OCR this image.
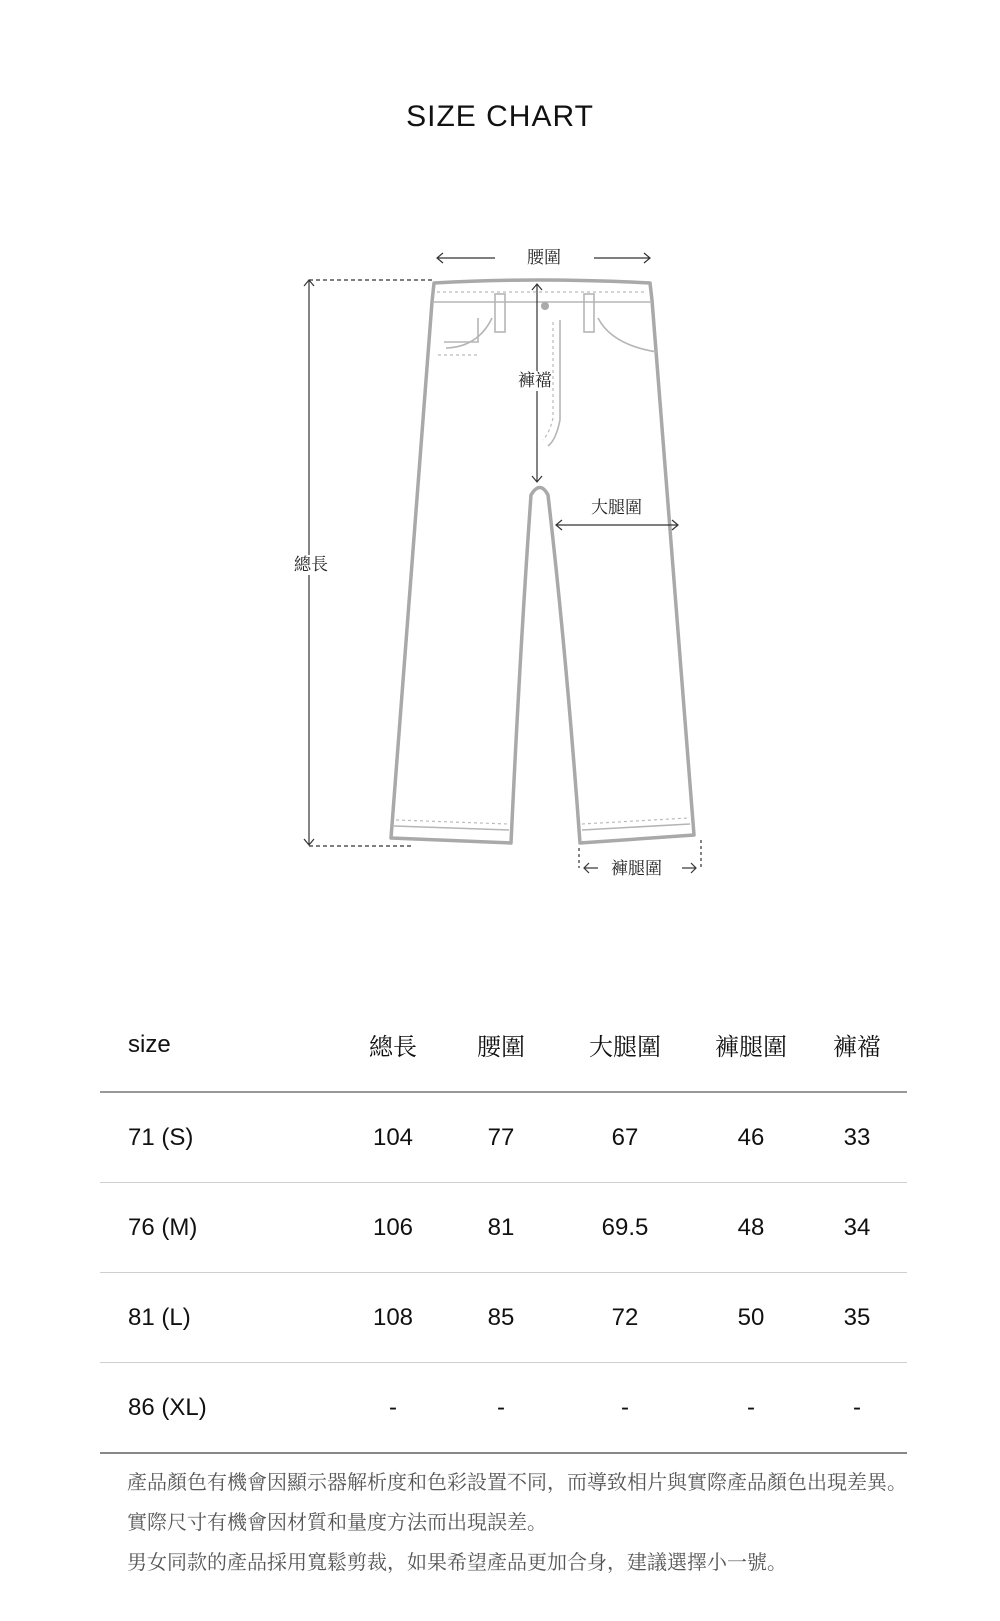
SIZE CHART
腰圍
褲襠
大腿圍
總長
褲腿圍
size	總長	腰圍	大腿圍	褲腿圍	褲襠
71 (S)	104	77	67	46	33
76 (M)	106	81	69.5	48	34
81 (L)	108	85	72	50	35
86 (XL)	-	-	-	-	-

產品顏色有機會因顯示器解析度和色彩設置不同，而導致相片與實際產品顏色出現差異。

實際尺寸有機會因材質和量度方法而出現誤差。

男女同款的產品採用寬鬆剪裁，如果希望產品更加合身，建議選擇小一號。
